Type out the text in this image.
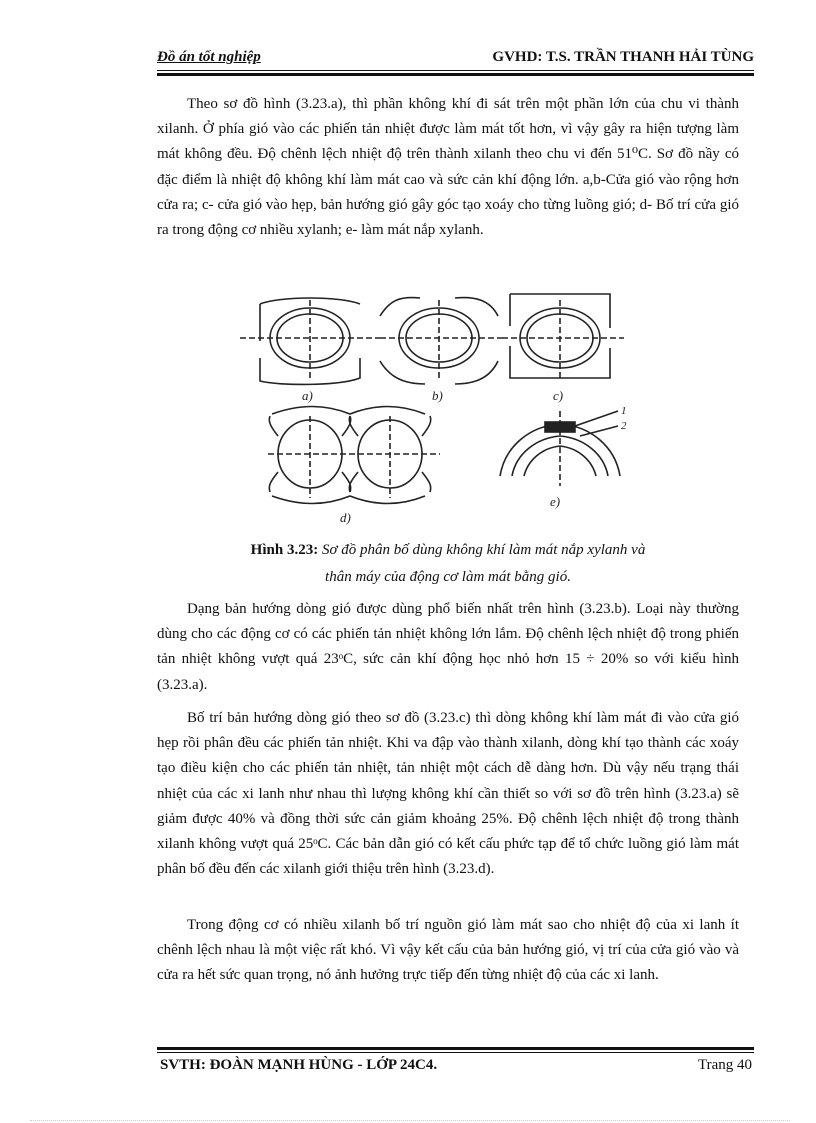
Đồ án tốt nghiệp	GVHD: T.S. TRẦN THANH HẢI TÙNG
Theo sơ đồ hình (3.23.a), thì phần không khí đi sát trên một phần lớn của chu vi thành xilanh. Ở phía gió vào các phiến tản nhiệt được làm mát tốt hơn, vì vậy gây ra hiện tượng làm mát không đều. Độ chênh lệch nhiệt độ trên thành xilanh theo chu vi đến 51⁰C. Sơ đồ nầy có đặc điểm là nhiệt độ không khí làm mát cao và sức cản khí động lớn. a,b-Cửa gió vào rộng hơn cửa ra; c- cửa gió vào hẹp, bản hướng gió gây góc tạo xoáy cho từng luồng gió; d- Bố trí cửa gió ra trong động cơ nhiều xylanh; e- làm mát nắp xylanh.
a)	b)	c)
d)
e)
1
2
Hình 3.23: Sơ đồ phân bố dùng không khí làm mát nắp xylanh và
thân máy của động cơ làm mát bằng gió.
Dạng bản hướng dòng gió được dùng phổ biến nhất trên hình (3.23.b). Loại này thường dùng cho các động cơ có các phiến tản nhiệt không lớn lắm. Độ chênh lệch nhiệt độ trong phiến tản nhiệt không vượt quá 23ᵒC, sức cản khí động học nhỏ hơn 15 ÷ 20% so với kiểu hình (3.23.a).
Bố trí bản hướng dòng gió theo sơ đồ (3.23.c) thì dòng không khí làm mát đi vào cửa gió hẹp rồi phân đều các phiến tản nhiệt. Khi va đập vào thành xilanh, dòng khí tạo thành các xoáy tạo điều kiện cho các phiến tản nhiệt, tản nhiệt một cách dễ dàng hơn. Dù vậy nếu trạng thái nhiệt của các xi lanh như nhau thì lượng không khí cần thiết so với sơ đồ trên hình (3.23.a) sẽ giảm được 40% và đồng thời sức cản giảm khoảng 25%. Độ chênh lệch nhiệt độ trong thành xilanh không vượt quá 25ᵒC. Các bản dẫn gió có kết cấu phức tạp để tổ chức luồng gió làm mát phân bố đều đến các xilanh giới thiệu trên hình (3.23.d).
Trong động cơ có nhiều xilanh bố trí nguồn gió làm mát sao cho nhiệt độ của xi lanh ít chênh lệch nhau là một việc rất khó. Vì vậy kết cấu của bản hướng gió, vị trí của cửa gió vào và cửa ra hết sức quan trọng, nó ảnh hưởng trực tiếp đến từng nhiệt độ của các xi lanh.
SVTH: ĐOÀN MẠNH HÙNG - LỚP 24C4.	Trang 40
